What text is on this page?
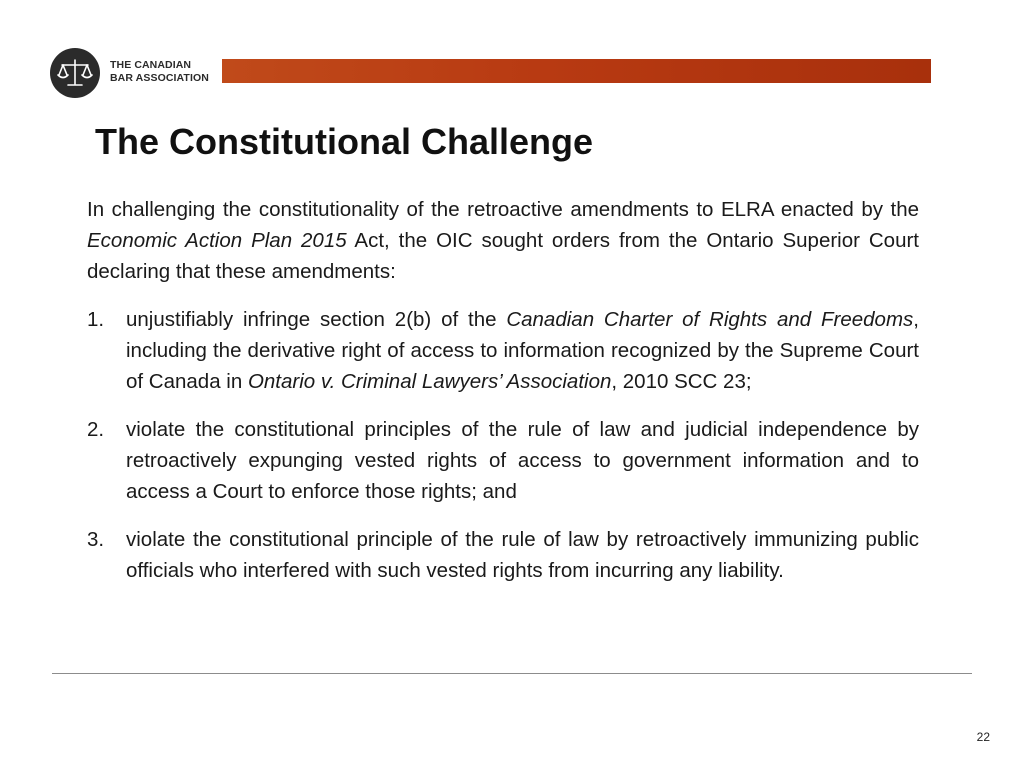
THE CANADIAN
BAR ASSOCIATION
The Constitutional Challenge

In challenging the constitutionality of the retroactive amendments to ELRA enacted by the Economic Action Plan 2015 Act, the OIC sought orders from the Ontario Superior Court declaring that these amendments:

1. unjustifiably infringe section 2(b) of the Canadian Charter of Rights and Freedoms, including the derivative right of access to information recognized by the Supreme Court of Canada in Ontario v. Criminal Lawyers’ Association, 2010 SCC 23;
2. violate the constitutional principles of the rule of law and judicial independence by retroactively expunging vested rights of access to government information and to access a Court to enforce those rights; and
3. violate the constitutional principle of the rule of law by retroactively immunizing public officials who interfered with such vested rights from incurring any liability.
22
